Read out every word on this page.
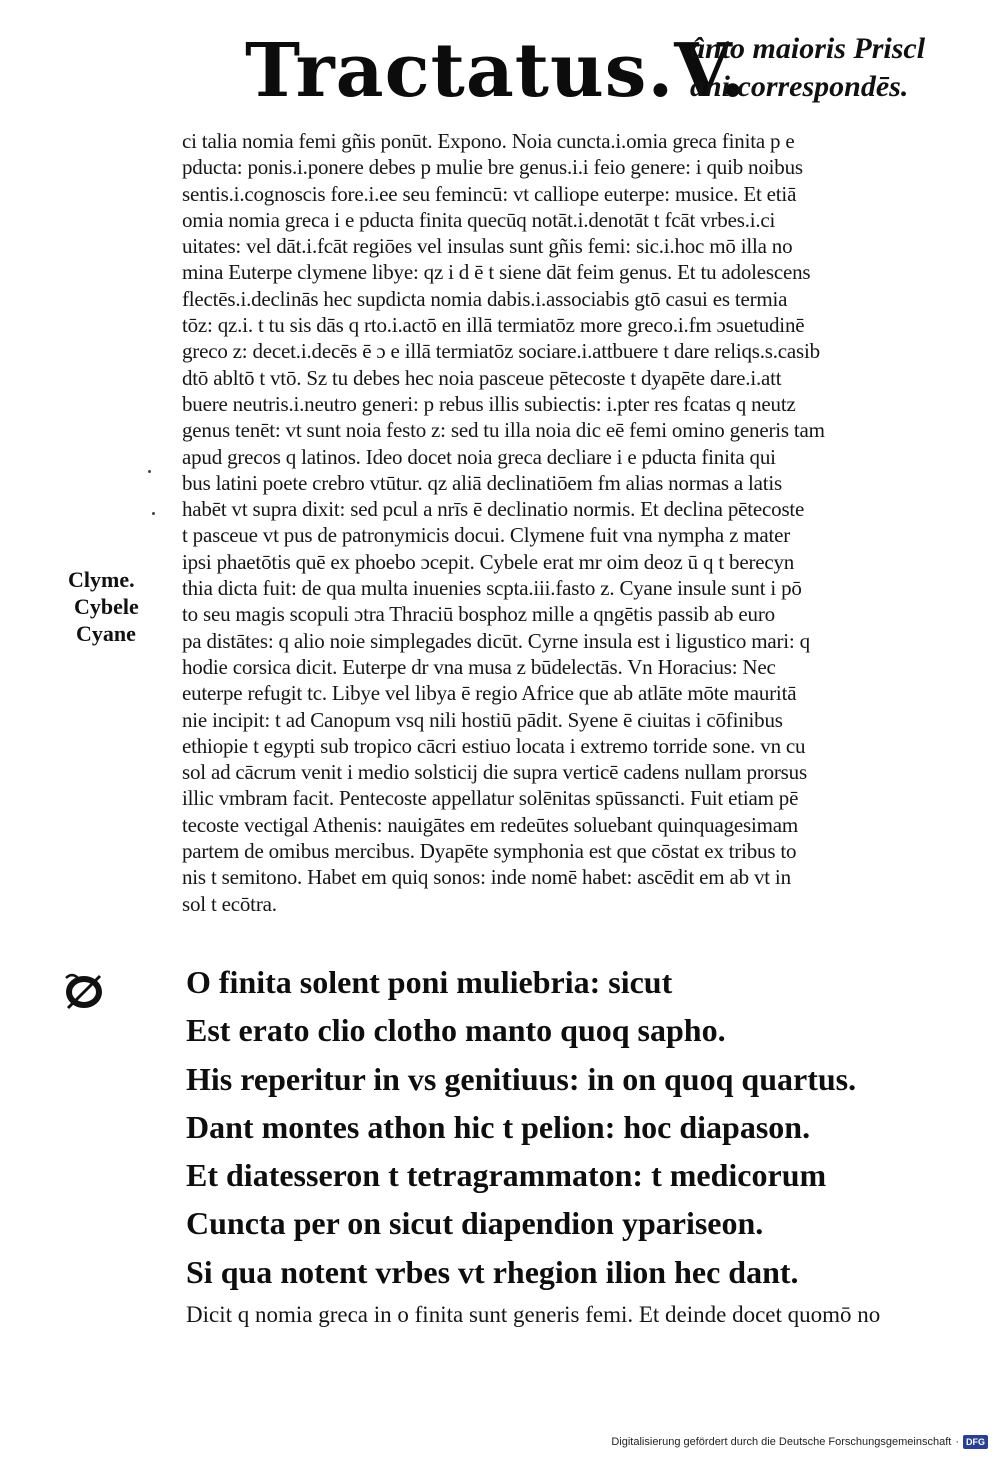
Tractatus.V.
ânto maioris Priscl
ani correspondēs.
ci talia nomia femi gñis ponūt. Expono. Noia cuncta.i.omia greca finita p e
pducta: ponis.i.ponere debes p mulie bre genus.i.i feio genere: i quib noibus
sentis.i.cognoscis fore.i.ee seu femincū: vt calliope euterpe: musice. Et etiā
omia nomia greca i e pducta finita quecūq notāt.i.denotāt t fcāt vrbes.i.ci
uitates: vel dāt.i.fcāt regiōes vel insulas sunt gñis femi: sic.i.hoc mō illa no
mina Euterpe clymene libye: qz i d ē t siene dāt feim genus. Et tu adolescens
flectēs.i.declinās hec supdicta nomia dabis.i.associabis gtō casui es termia
tōz: qz.i. t tu sis dās q rto.i.actō en illā termiatōz more greco.i.fm ɔsuetudinē
greco z: decet.i.decēs ē ɔ e illā termiatōz sociare.i.attbuere t dare reliqs.s.casib
dtō abltō t vtō. Sz tu debes hec noia pasceue pētecoste t dyapēte dare.i.att
buere neutris.i.neutro generi: p rebus illis subiectis: i.pter res fcatas q neutz
genus tenēt: vt sunt noia festo z: sed tu illa noia dic eē femi omino generis tam
apud grecos q latinos. Ideo docet noia greca decliare i e pducta finita qui
bus latini poete crebro vtūtur. qz aliā declinatiōem fm alias normas a latis
habēt vt supra dixit: sed pcul a nrīs ē declinatio normis. Et declina pētecoste
t pasceue vt pus de patronymicis docui. Clymene fuit vna nympha z mater
ipsi phaetōtis quē ex phoebo ɔcepit. Cybele erat mr oim deoz ū q t berecyn
thia dicta fuit: de qua multa inuenies scpta.iii.fasto z. Cyane insule sunt i pō
to seu magis scopuli ɔtra Thraciū bosphoz mille a qngētis passib ab euro
pa distātes: q alio noie simplegades dicūt. Cyrne insula est i ligustico mari: q
hodie corsica dicit. Euterpe dr vna musa z būdelectās. Vn Horacius: Nec
euterpe refugit tc. Libye vel libya ē regio Africe que ab atlāte mōte mauritā
nie incipit: t ad Canopum vsq nili hostiū pādit. Syene ē ciuitas i cōfinibus
ethiopie t egypti sub tropico cācri estiuo locata i extremo torride sone. vn cu
sol ad cācrum venit i medio solsticij die supra verticē cadens nullam prorsus
illic vmbram facit. Pentecoste appellatur solēnitas spūssancti. Fuit etiam pē
tecoste vectigal Athenis: nauigātes em redeūtes soluebant quinquagesimam
partem de omibus mercibus. Dyapēte symphonia est que cōstat ex tribus to
nis t semitono. Habet em quiq sonos: inde nomē habet: ascēdit em ab vt in
sol t ecōtra.
Clyme.
Cybele
Cyane
O finita solent poni muliebria: sicut
Est erato clio clotho manto quoq sapho.
His reperitur in vs genitiuus: in on quoq quartus.
Dant montes athon hic t pelion: hoc diapason.
Et diatesseron t tetragrammaton: t medicorum
Cuncta per on sicut diapendion ypariseon.
Si qua notent vrbes vt rhegion ilion hec dant.
Dicit q nomia greca in o finita sunt generis femi. Et deinde docet quomō no
Digitalisierung gefördert durch die Deutsche Forschungsgemeinschaft · DFG
